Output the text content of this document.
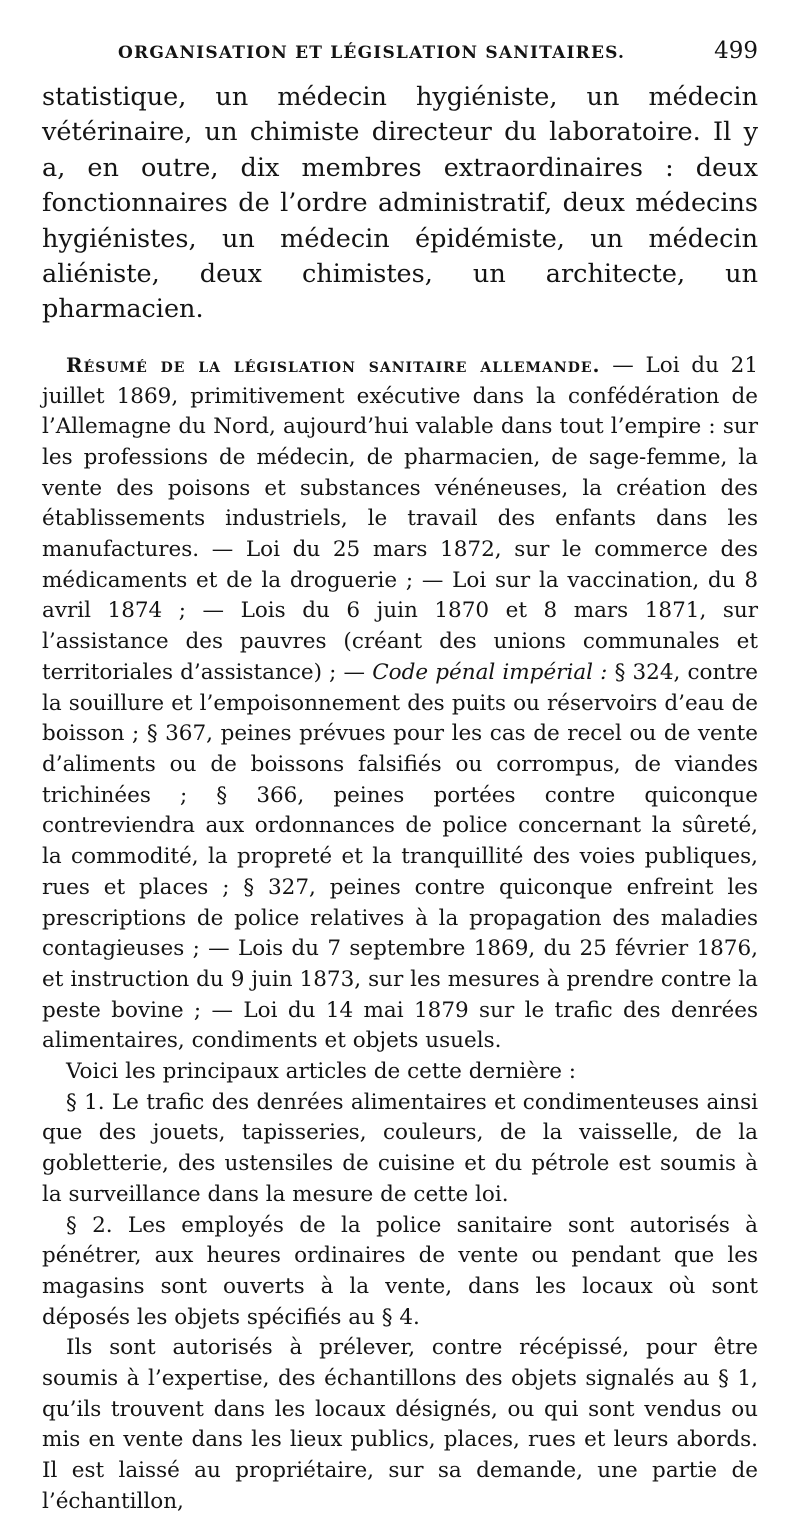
ORGANISATION ET LÉGISLATION SANITAIRES.	499

statistique, un médecin hygiéniste, un médecin vétérinaire, un chimiste directeur du laboratoire. Il y a, en outre, dix membres extraordinaires : deux fonctionnaires de l’ordre administratif, deux médecins hygiénistes, un médecin épidémiste, un médecin aliéniste, deux chimistes, un architecte, un pharmacien.

Résumé de la législation sanitaire allemande. — Loi du 21 juillet 1869, primitivement exécutive dans la confédération de l’Allemagne du Nord, aujourd’hui valable dans tout l’empire : sur les professions de médecin, de pharmacien, de sage-femme, la vente des poisons et substances vénéneuses, la création des établissements industriels, le travail des enfants dans les manufactures. — Loi du 25 mars 1872, sur le commerce des médicaments et de la droguerie ; — Loi sur la vaccination, du 8 avril 1874 ; — Lois du 6 juin 1870 et 8 mars 1871, sur l’assistance des pauvres (créant des unions communales et territoriales d’assistance) ; — Code pénal impérial : § 324, contre la souillure et l’empoisonnement des puits ou réservoirs d’eau de boisson ; § 367, peines prévues pour les cas de recel ou de vente d’aliments ou de boissons falsifiés ou corrompus, de viandes trichinées ; § 366, peines portées contre quiconque contreviendra aux ordonnances de police concernant la sûreté, la commodité, la propreté et la tranquillité des voies publiques, rues et places ; § 327, peines contre quiconque enfreint les prescriptions de police relatives à la propagation des maladies contagieuses ; — Lois du 7 septembre 1869, du 25 février 1876, et instruction du 9 juin 1873, sur les mesures à prendre contre la peste bovine ; — Loi du 14 mai 1879 sur le trafic des denrées alimentaires, condiments et objets usuels.

Voici les principaux articles de cette dernière :

§ 1. Le trafic des denrées alimentaires et condimenteuses ainsi que des jouets, tapisseries, couleurs, de la vaisselle, de la gobletterie, des ustensiles de cuisine et du pétrole est soumis à la surveillance dans la mesure de cette loi.

§ 2. Les employés de la police sanitaire sont autorisés à pénétrer, aux heures ordinaires de vente ou pendant que les magasins sont ouverts à la vente, dans les locaux où sont déposés les objets spécifiés au § 4.

Ils sont autorisés à prélever, contre récépissé, pour être soumis à l’expertise, des échantillons des objets signalés au § 1, qu’ils trouvent dans les locaux désignés, ou qui sont vendus ou mis en vente dans les lieux publics, places, rues et leurs abords. Il est laissé au propriétaire, sur sa demande, une partie de l’échantillon,
